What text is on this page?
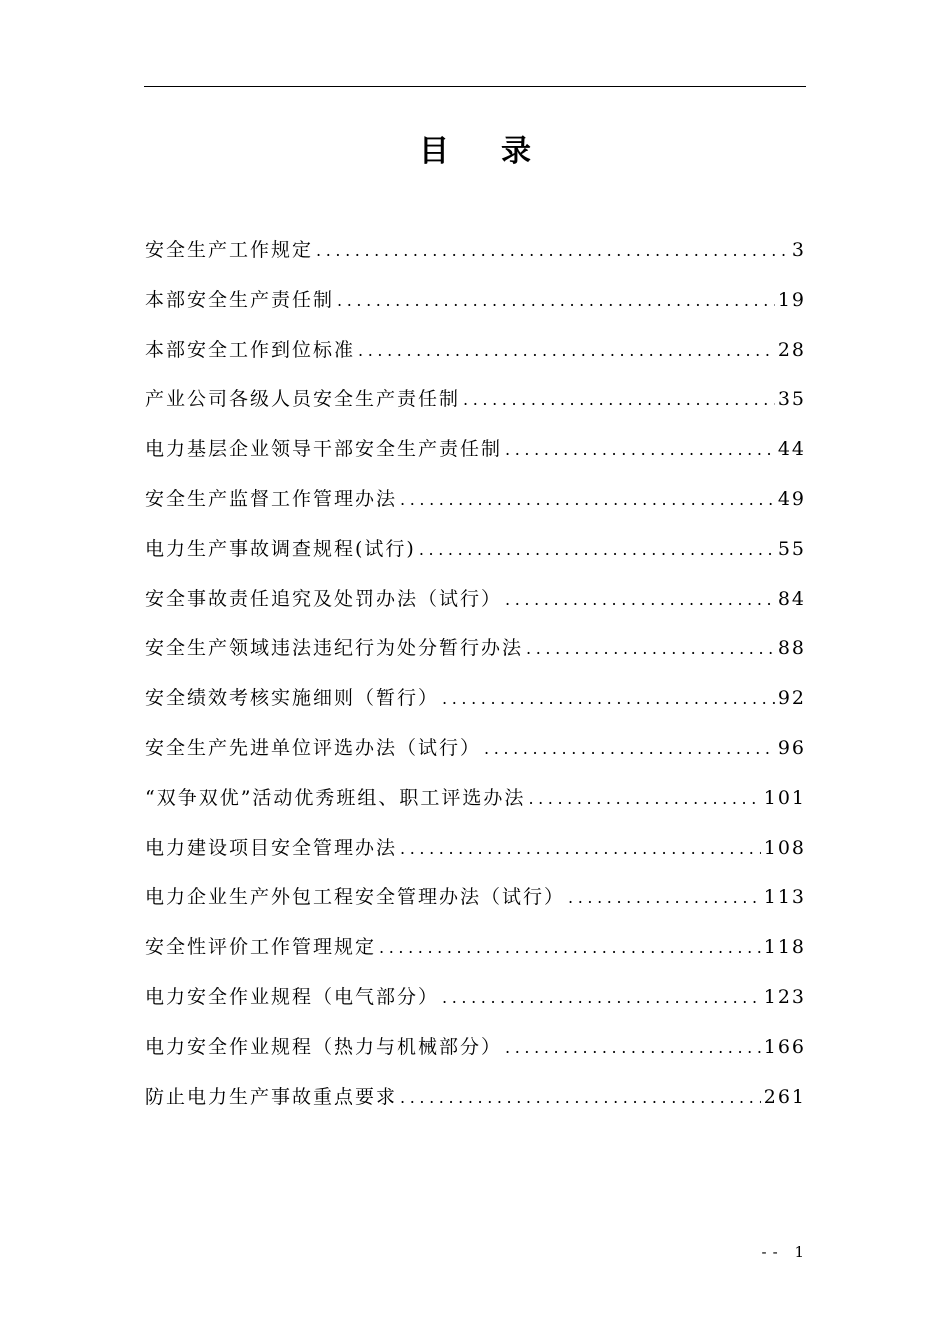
目录
安全生产工作规定 .....	3
本部安全生产责任制 .....	19
本部安全工作到位标准 .....	28
产业公司各级人员安全生产责任制 .....	35
电力基层企业领导干部安全生产责任制 .....	44
安全生产监督工作管理办法 .....	49
电力生产事故调查规程(试行) .....	55
安全事故责任追究及处罚办法（试行） .....	84
安全生产领域违法违纪行为处分暂行办法 .....	88
安全绩效考核实施细则（暂行） .....	92
安全生产先进单位评选办法（试行） .....	96
“双争双优”活动优秀班组、职工评选办法 .....	101
电力建设项目安全管理办法 .....	108
电力企业生产外包工程安全管理办法（试行） .....	113
安全性评价工作管理规定 .....	118
电力安全作业规程（电气部分） .....	123
电力安全作业规程（热力与机械部分） .....	166
防止电力生产事故重点要求 .....	261
-- 1
